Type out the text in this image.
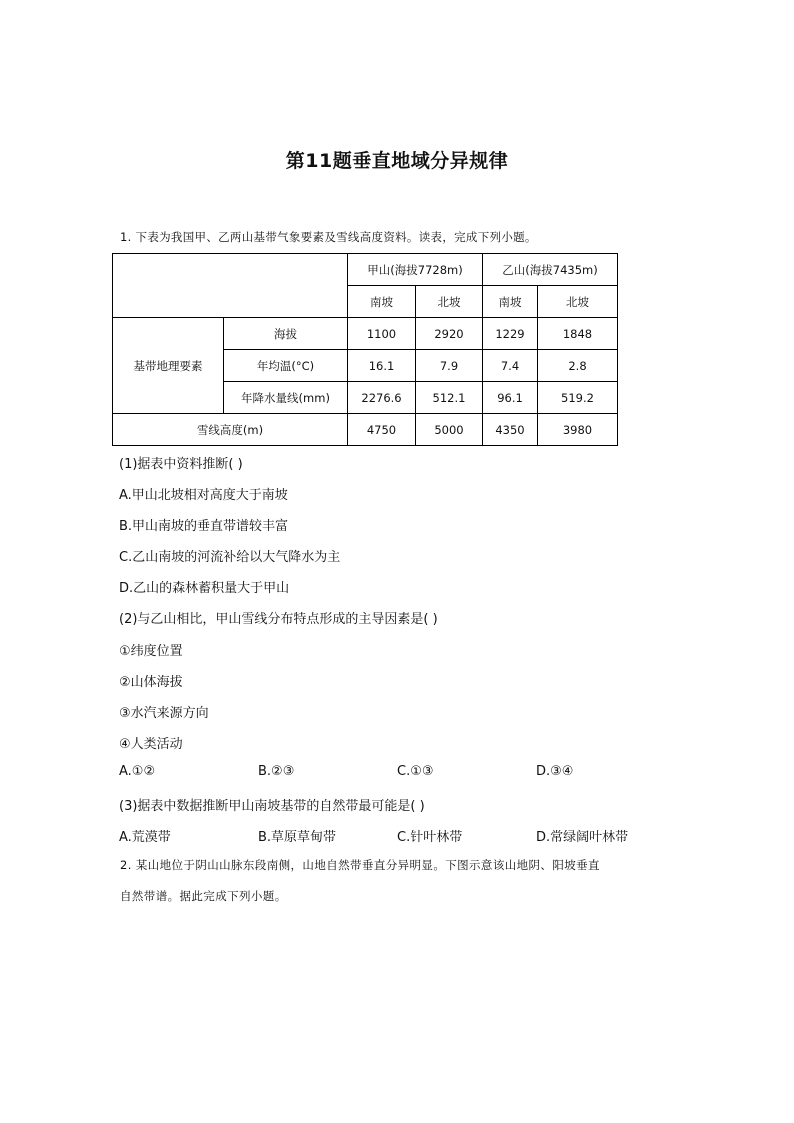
第11题垂直地域分异规律
1. 下表为我国甲、乙两山基带气象要素及雪线高度资料。读表，完成下列小题。
		甲山(海拔7728m)		乙山(海拔7435m)	
		南坡	北坡	南坡	北坡
基带地理要素	海拔	1100	2920	1229	1848
	年均温(°C)	16.1	7.9	7.4	2.8
	年降水量线(mm)	2276.6	512.1	96.1	519.2
雪线高度(m)		4750	5000	4350	3980
(1)据表中资料推断( )
A.甲山北坡相对高度大于南坡
B.甲山南坡的垂直带谱较丰富
C.乙山南坡的河流补给以大气降水为主
D.乙山的森林蓄积量大于甲山
(2)与乙山相比，甲山雪线分布特点形成的主导因素是( )
①纬度位置
②山体海拔
③水汽来源方向
④人类活动
A.①②	B.②③	C.①③	D.③④
(3)据表中数据推断甲山南坡基带的自然带最可能是( )
A.荒漠带	B.草原草甸带	C.针叶林带	D.常绿阔叶林带
2. 某山地位于阴山山脉东段南侧，山地自然带垂直分异明显。下图示意该山地阴、阳坡垂直
自然带谱。据此完成下列小题。
